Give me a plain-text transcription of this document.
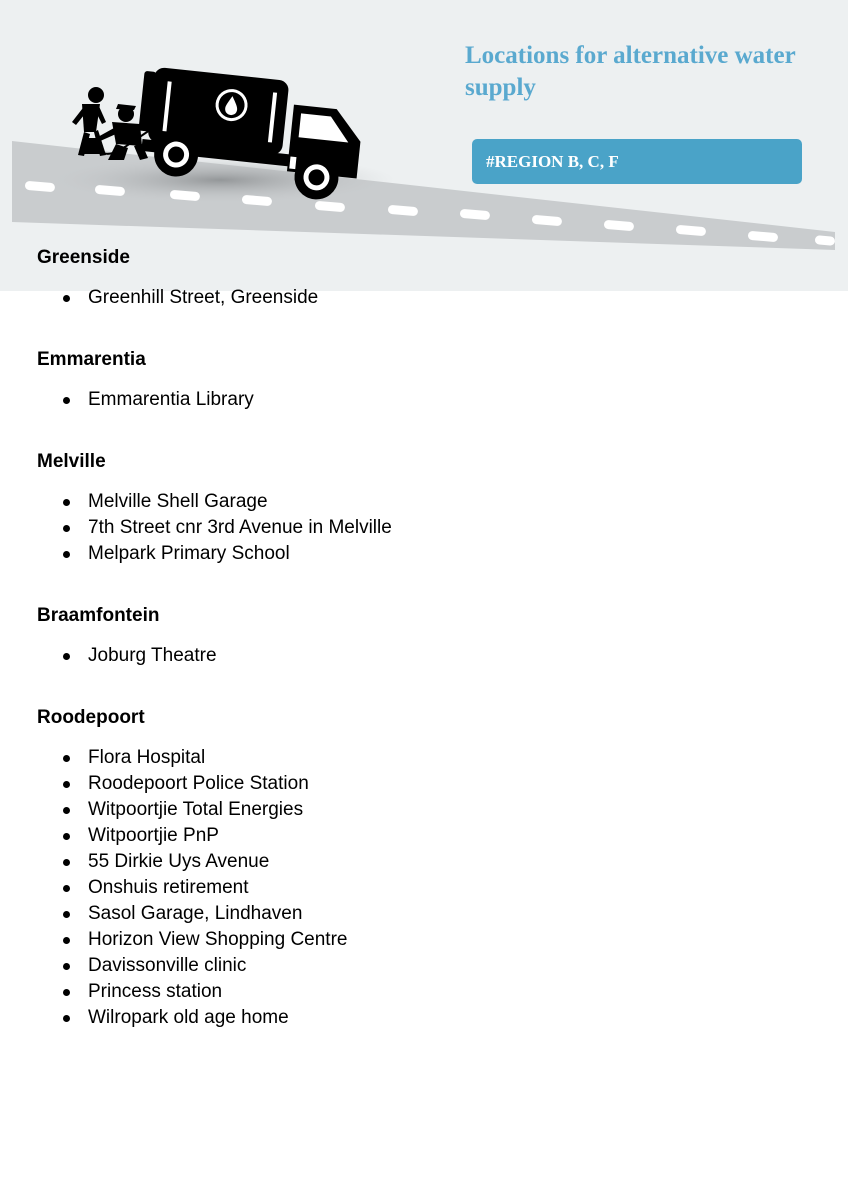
Locations for alternative water supply
#REGION B, C, F
Greenside
Greenhill Street, Greenside
Emmarentia
Emmarentia Library
Melville
Melville Shell Garage
7th Street cnr 3rd Avenue in Melville
Melpark Primary School
Braamfontein
Joburg Theatre
Roodepoort
Flora Hospital
Roodepoort Police Station
Witpoortjie Total Energies
Witpoortjie PnP
55 Dirkie Uys Avenue
Onshuis retirement
Sasol Garage, Lindhaven
Horizon View Shopping Centre
Davissonville clinic
Princess station
Wilropark old age home
